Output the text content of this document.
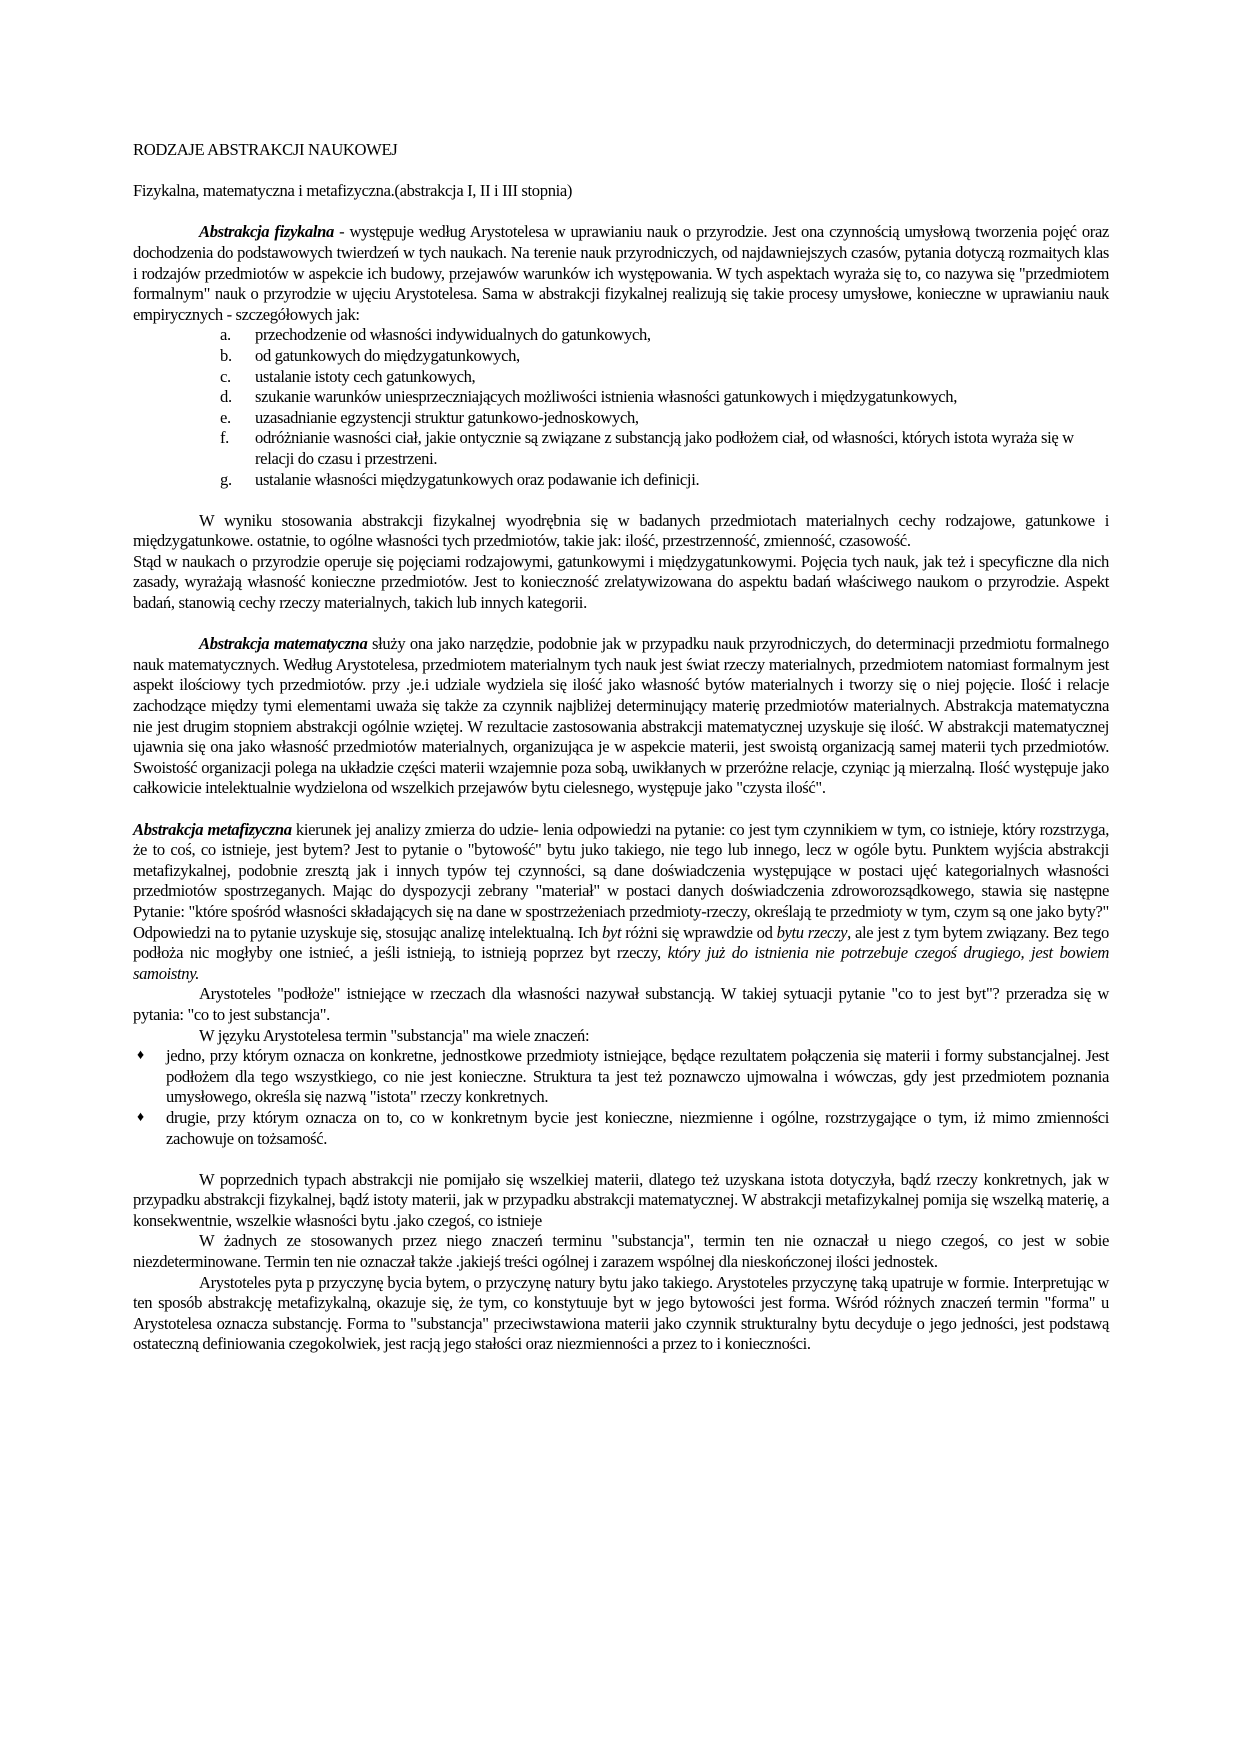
RODZAJE ABSTRAKCJI NAUKOWEJ

Fizykalna, matematyczna i metafizyczna.(abstrakcja I, II i III stopnia)

Abstrakcja fizykalna - występuje według Arystotelesa w uprawianiu nauk o przyrodzie. Jest ona czynnością umysłową tworzenia pojęć oraz dochodzenia do podstawowych twierdzeń w tych naukach. Na terenie nauk przyrodniczych, od najdawniejszych czasów, pytania dotyczą rozmaitych klas i rodzajów przedmiotów w aspekcie ich budowy, przejawów warunków ich występowania. W tych aspektach wyraża się to, co nazywa się "przedmiotem formalnym" nauk o przyrodzie w ujęciu Arystotelesa. Sama w abstrakcji fizykalnej realizują się takie procesy umysłowe, konieczne w uprawianiu nauk empirycznych - szczegółowych jak:

a. przechodzenie od własności indywidualnych do gatunkowych,
b. od gatunkowych do międzygatunkowych,
c. ustalanie istoty cech gatunkowych,
d. szukanie warunków uniesprzeczniających możliwości istnienia własności gatunkowych i międzygatunkowych,
e. uzasadnianie egzystencji struktur gatunkowo-jednoskowych,
f. odróżnianie wasności ciał, jakie ontycznie są związane z substancją jako podłożem ciał, od własności, których istota wyraża się w relacji do czasu i przestrzeni.
g. ustalanie własności międzygatunkowych oraz podawanie ich definicji.

W wyniku stosowania abstrakcji fizykalnej wyodrębnia się w badanych przedmiotach materialnych cechy rodzajowe, gatunkowe i międzygatunkowe. ostatnie, to ogólne własności tych przedmiotów, takie jak: ilość, przestrzenność, zmienność, czasowość.

Stąd w naukach o przyrodzie operuje się pojęciami rodzajowymi, gatunkowymi i międzygatunkowymi. Pojęcia tych nauk, jak też i specyficzne dla nich zasady, wyrażają własność konieczne przedmiotów. Jest to konieczność zrelatywizowana do aspektu badań właściwego naukom o przyrodzie. Aspekt badań, stanowią cechy rzeczy materialnych, takich lub innych kategorii.

Abstrakcja matematyczna służy ona jako narzędzie, podobnie jak w przypadku nauk przyrodniczych, do determinacji przedmiotu formalnego nauk matematycznych. Według Arystotelesa, przedmiotem materialnym tych nauk jest świat rzeczy materialnych, przedmiotem natomiast formalnym jest aspekt ilościowy tych przedmiotów. przy .je.i udziale wydziela się ilość jako własność bytów materialnych i tworzy się o niej pojęcie. Ilość i relacje zachodzące między tymi elementami uważa się także za czynnik najbliżej determinujący materię przedmiotów materialnych. Abstrakcja matematyczna nie jest drugim stopniem abstrakcji ogólnie wziętej. W rezultacie zastosowania abstrakcji matematycznej uzyskuje się ilość. W abstrakcji matematycznej ujawnia się ona jako własność przedmiotów materialnych, organizująca je w aspekcie materii, jest swoistą organizacją samej materii tych przedmiotów. Swoistość organizacji polega na układzie części materii wzajemnie poza sobą, uwikłanych w przeróżne relacje, czyniąc ją mierzalną. Ilość występuje jako całkowicie intelektualnie wydzielona od wszelkich przejawów bytu cielesnego, występuje jako "czysta ilość".

Abstrakcja metafizyczna kierunek jej analizy zmierza do udzie- lenia odpowiedzi na pytanie: co jest tym czynnikiem w tym, co istnieje, który rozstrzyga, że to coś, co istnieje, jest bytem? Jest to pytanie o "bytowość" bytu juko takiego, nie tego lub innego, lecz w ogóle bytu. Punktem wyjścia abstrakcji metafizykalnej, podobnie zresztą jak i innych typów tej czynności, są dane doświadczenia występujące w postaci ujęć kategorialnych własności przedmiotów spostrzeganych. Mając do dyspozycji zebrany "materiał" w postaci danych doświadczenia zdroworozsądkowego, stawia się następne Pytanie: "które spośród własności składających się na dane w spostrzeżeniach przedmioty-rzeczy, określają te przedmioty w tym, czym są one jako byty?" Odpowiedzi na to pytanie uzyskuje się, stosując analizę intelektualną. Ich byt różni się wprawdzie od bytu rzeczy, ale jest z tym bytem związany. Bez tego podłoża nic mogłyby one istnieć, a jeśli istnieją, to istnieją poprzez byt rzeczy, który już do istnienia nie potrzebuje czegoś drugiego, jest bowiem samoistny.

Arystoteles "podłoże" istniejące w rzeczach dla własności nazywał substancją. W takiej sytuacji pytanie "co to jest byt"? przeradza się w pytania: "co to jest substancja".

W języku Arystotelesa termin "substancja" ma wiele znaczeń:

♦ jedno, przy którym oznacza on konkretne, jednostkowe przedmioty istniejące, będące rezultatem połączenia się materii i formy substancjalnej. Jest podłożem dla tego wszystkiego, co nie jest konieczne. Struktura ta jest też poznawczo ujmowalna i wówczas, gdy jest przedmiotem poznania umysłowego, określa się nazwą "istota" rzeczy konkretnych.
♦ drugie, przy którym oznacza on to, co w konkretnym bycie jest konieczne, niezmienne i ogólne, rozstrzygające o tym, iż mimo zmienności zachowuje on tożsamość.

W poprzednich typach abstrakcji nie pomijało się wszelkiej materii, dlatego też uzyskana istota dotyczyła, bądź rzeczy konkretnych, jak w przypadku abstrakcji fizykalnej, bądź istoty materii, jak w przypadku abstrakcji matematycznej. W abstrakcji metafizykalnej pomija się wszelką materię, a konsekwentnie, wszelkie własności bytu .jako czegoś, co istnieje

W żadnych ze stosowanych przez niego znaczeń terminu "substancja", termin ten nie oznaczał u niego czegoś, co jest w sobie niezdeterminowane. Termin ten nie oznaczał także .jakiejś treści ogólnej i zarazem wspólnej dla nieskończonej ilości jednostek.

Arystoteles pyta p przyczynę bycia bytem, o przyczynę natury bytu jako takiego. Arystoteles przyczynę taką upatruje w formie. Interpretując w ten sposób abstrakcję metafizykalną, okazuje się, że tym, co konstytuuje byt w jego bytowości jest forma. Wśród różnych znaczeń termin "forma" u Arystotelesa oznacza substancję. Forma to "substancja" przeciwstawiona materii jako czynnik strukturalny bytu decyduje o jego jedności, jest podstawą ostateczną definiowania czegokolwiek, jest racją jego stałości oraz niezmienności a przez to i konieczności.
